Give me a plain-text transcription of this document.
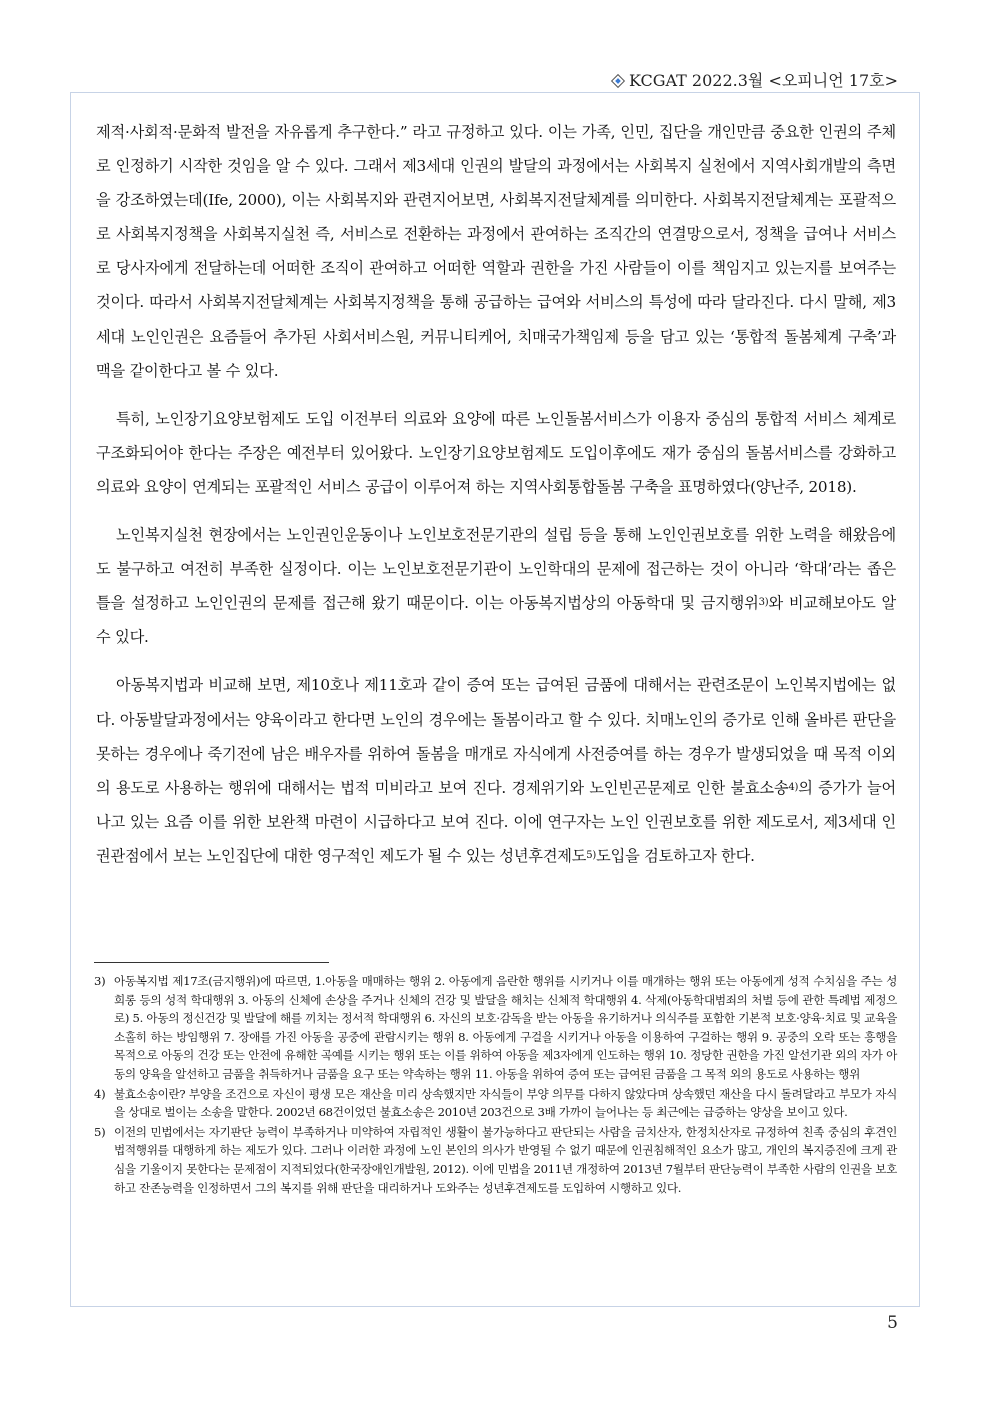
KCGAT 2022.3월 <오피니언 17호>

제적·사회적·문화적 발전을 자유롭게 추구한다.” 라고 규정하고 있다. 이는 가족, 인민, 집단을 개인만큼 중요한 인권의 주체로 인정하기 시작한 것임을 알 수 있다. 그래서 제3세대 인권의 발달의 과정에서는 사회복지 실천에서 지역사회개발의 측면을 강조하였는데(Ife, 2000), 이는 사회복지와 관련지어보면, 사회복지전달체계를 의미한다. 사회복지전달체계는 포괄적으로 사회복지정책을 사회복지실천 즉, 서비스로 전환하는 과정에서 관여하는 조직간의 연결망으로서, 정책을 급여나 서비스로 당사자에게 전달하는데 어떠한 조직이 관여하고 어떠한 역할과 권한을 가진 사람들이 이를 책임지고 있는지를 보여주는 것이다. 따라서 사회복지전달체계는 사회복지정책을 통해 공급하는 급여와 서비스의 특성에 따라 달라진다. 다시 말해, 제3세대 노인인권은 요즘들어 추가된 사회서비스원, 커뮤니티케어, 치매국가책임제 등을 담고 있는 ‘통합적 돌봄체계 구축’과 맥을 같이한다고 볼 수 있다.

특히, 노인장기요양보험제도 도입 이전부터 의료와 요양에 따른 노인돌봄서비스가 이용자 중심의 통합적 서비스 체계로 구조화되어야 한다는 주장은 예전부터 있어왔다. 노인장기요양보험제도 도입이후에도 재가 중심의 돌봄서비스를 강화하고 의료와 요양이 연계되는 포괄적인 서비스 공급이 이루어져 하는 지역사회통합돌봄 구축을 표명하였다(양난주, 2018).

노인복지실천 현장에서는 노인권인운동이나 노인보호전문기관의 설립 등을 통해 노인인권보호를 위한 노력을 해왔음에도 불구하고 여전히 부족한 실정이다. 이는 노인보호전문기관이 노인학대의 문제에 접근하는 것이 아니라 ‘학대’라는 좁은 틀을 설정하고 노인인권의 문제를 접근해 왔기 때문이다. 이는 아동복지법상의 아동학대 및 금지행위$^{3)}$와 비교해보아도 알 수 있다.

아동복지법과 비교해 보면, 제10호나 제11호과 같이 증여 또는 급여된 금품에 대해서는 관련조문이 노인복지법에는 없다. 아동발달과정에서는 양육이라고 한다면 노인의 경우에는 돌봄이라고 할 수 있다. 치매노인의 증가로 인해 올바른 판단을 못하는 경우에나 죽기전에 남은 배우자를 위하여 돌봄을 매개로 자식에게 사전증여를 하는 경우가 발생되었을 때 목적 이외의 용도로 사용하는 행위에 대해서는 법적 미비라고 보여 진다. 경제위기와 노인빈곤문제로 인한 불효소송$^{4)}$의 증가가 늘어나고 있는 요즘 이를 위한 보완책 마련이 시급하다고 보여 진다. 이에 연구자는 노인 인권보호를 위한 제도로서, 제3세대 인권관점에서 보는 노인집단에 대한 영구적인 제도가 될 수 있는 성년후견제도$^{5)}$도입을 검토하고자 한다.

3) 아동복지법 제17조(금지행위)에 따르면, 1.아동을 매매하는 행위 2. 아동에게 음란한 행위를 시키거나 이를 매개하는 행위 또는 아동에게 성적 수치심을 주는 성희롱 등의 성적 학대행위 3. 아동의 신체에 손상을 주거나 신체의 건강 및 발달을 해치는 신체적 학대행위 4. 삭제(아동학대범죄의 처벌 등에 관한 특례법 제정으로) 5. 아동의 정신건강 및 발달에 해를 끼치는 정서적 학대행위 6. 자신의 보호·감독을 받는 아동을 유기하거나 의식주를 포함한 기본적 보호·양육·치료 및 교육을 소홀히 하는 방임행위 7. 장애를 가진 아동을 공중에 관람시키는 행위 8. 아동에게 구걸을 시키거나 아동을 이용하여 구걸하는 행위 9. 공중의 오락 또는 흥행을 목적으로 아동의 건강 또는 안전에 유해한 곡예를 시키는 행위 또는 이를 위하여 아동을 제3자에게 인도하는 행위 10. 정당한 권한을 가진 알선기관 외의 자가 아동의 양육을 알선하고 금품을 취득하거나 금품을 요구 또는 약속하는 행위 11. 아동을 위하여 증여 또는 급여된 금품을 그 목적 외의 용도로 사용하는 행위
4) 불효소송이란? 부양을 조건으로 자신이 평생 모은 재산을 미리 상속했지만 자식들이 부양 의무를 다하지 않았다며 상속했던 재산을 다시 돌려달라고 부모가 자식을 상대로 벌이는 소송을 말한다. 2002년 68건이었던 불효소송은 2010년 203건으로 3배 가까이 늘어나는 등 최근에는 급증하는 양상을 보이고 있다.
5) 이전의 민법에서는 자기판단 능력이 부족하거나 미약하여 자립적인 생활이 불가능하다고 판단되는 사람을 금치산자, 한정치산자로 규정하여 친족 중심의 후견인 법적행위를 대행하게 하는 제도가 있다. 그러나 이러한 과정에 노인 본인의 의사가 반영될 수 없기 때문에 인권침해적인 요소가 많고, 개인의 복지증진에 크게 관심을 기울이지 못한다는 문제점이 지적되었다(한국장애인개발원, 2012). 이에 민법을 2011년 개정하여 2013년 7월부터 판단능력이 부족한 사람의 인권을 보호하고 잔존능력을 인정하면서 그의 복지를 위해 판단을 대리하거나 도와주는 성년후견제도를 도입하여 시행하고 있다.
5
